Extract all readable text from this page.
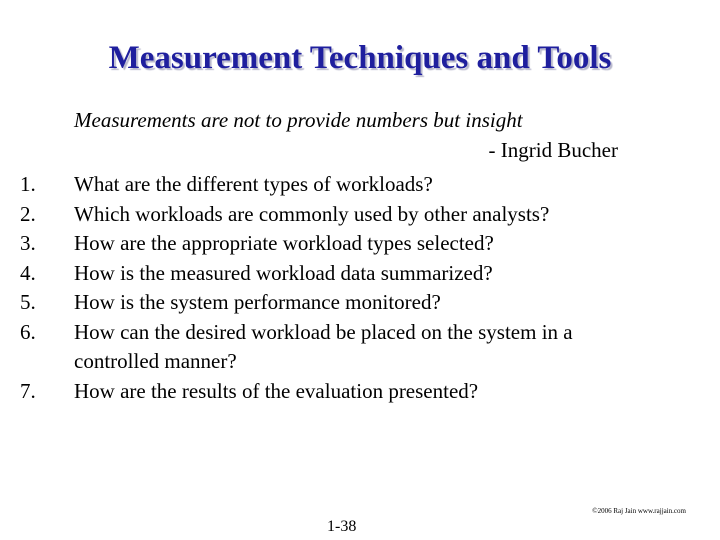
Measurement Techniques and Tools
Measurements are not to provide numbers but insight
- Ingrid Bucher
1.	What are the different types of workloads?
2.	Which workloads are commonly used by other analysts?
3.	How are the appropriate workload types selected?
4.	How is the measured workload data summarized?
5.	How is the system performance monitored?
6.	How can the desired workload be placed on the system in a controlled manner?
7.	How are the results of the evaluation presented?
©2006 Raj Jain www.rajjain.com
1-38
